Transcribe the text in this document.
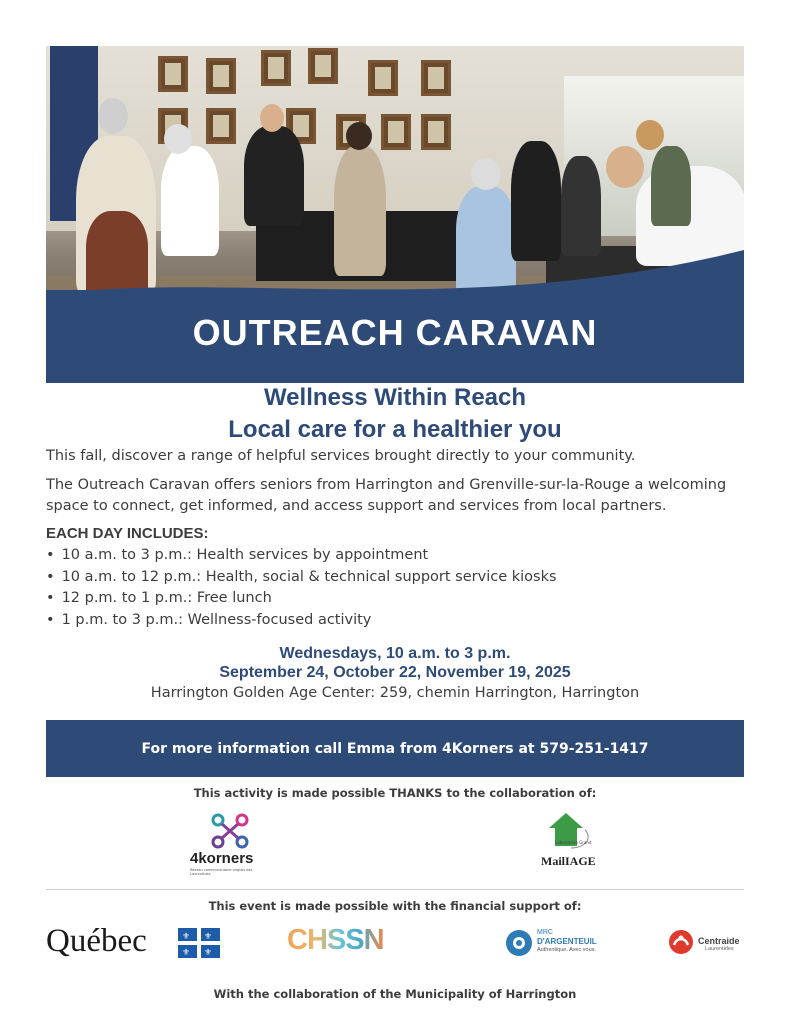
OUTREACH CARAVAN
Wellness Within Reach
Local care for a healthier you
This fall, discover a range of helpful services brought directly to your community.
The Outreach Caravan offers seniors from Harrington and Grenville-sur-la-Rouge a welcoming
space to connect, get informed, and access support and services from local partners.
EACH DAY INCLUDES:
• 10 a.m. to 3 p.m.: Health services by appointment
• 10 a.m. to 12 p.m.: Health, social & technical support service kiosks
• 12 p.m. to 1 p.m.: Free lunch
• 1 p.m. to 3 p.m.: Wellness-focused activity
Wednesdays, 10 a.m. to 3 p.m.
September 24, October 22, November 19, 2025
Harrington Golden Age Center: 259, chemin Harrington, Harrington
For more information call Emma from 4Korners at 579-251-1417
This activity is made possible THANKS to the collaboration of:
4korners
Réseau communautaire anglais des Laurentides
Laboratoire Grand
MailIAGE
This event is made possible with the financial support of:
Québec	⚜ ⚜
⚜ ⚜	CHSSN	MRC
D'ARGENTEUIL
Authentique. Avec vous.
Centraide
Laurentides
With the collaboration of the Municipality of Harrington
